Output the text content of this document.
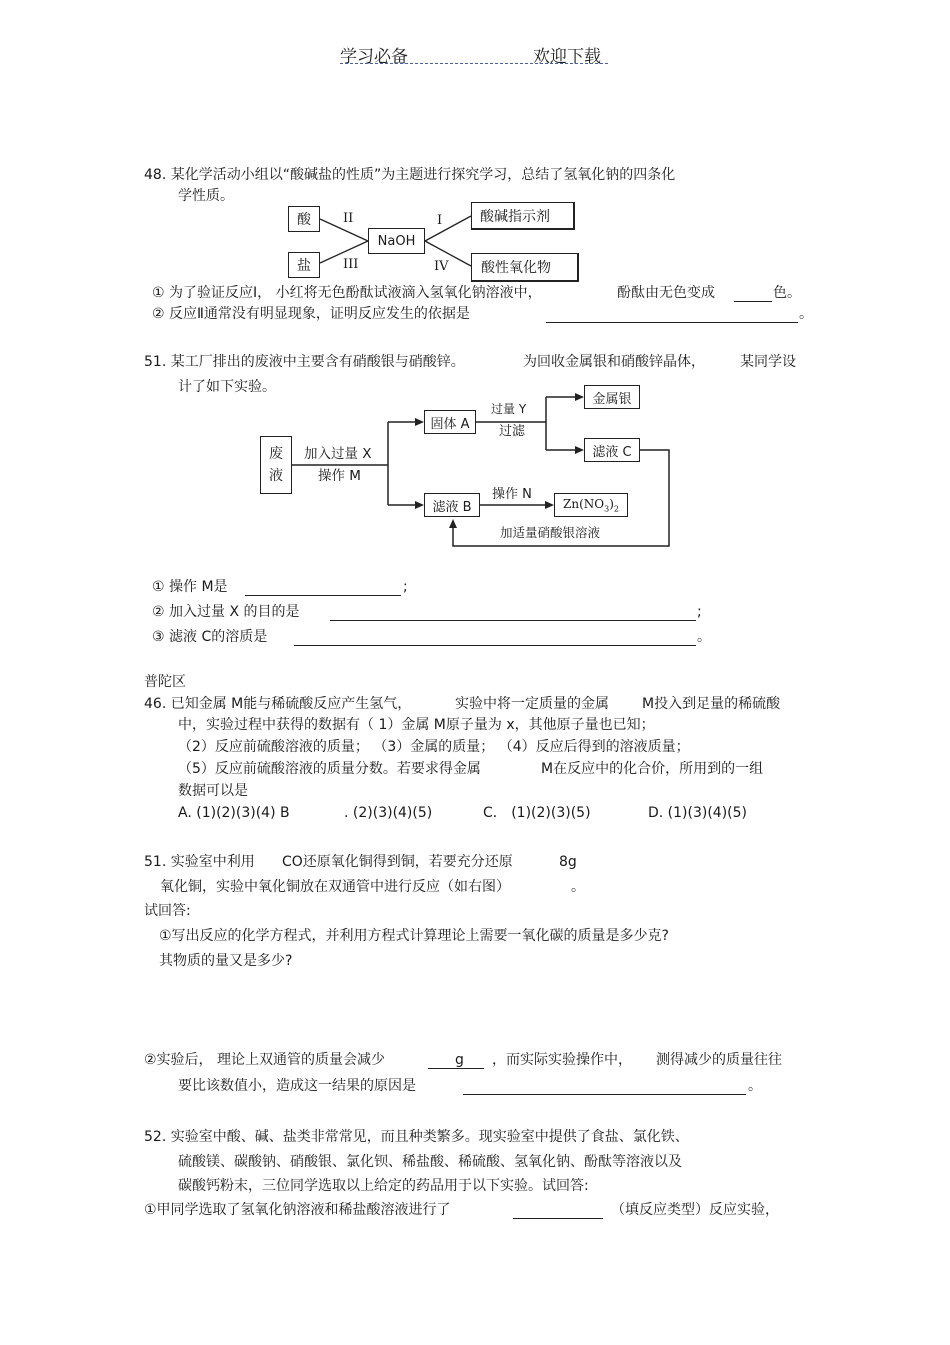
学习必备	欢迎下载
48. 某化学活动小组以“酸碱盐的性质”为主题进行探究学习，总结了氢氧化钠的四条化
学性质。
酸
盐
NaOH
酸碱指示剂
酸性氧化物
II
III
I
IV
① 为了验证反应Ⅰ， 小红将无色酚酞试液滴入氢氧化钠溶液中，	酚酞由无色变成	色。
② 反应Ⅱ通常没有明显现象，证明反应发生的依据是	。
51. 某工厂排出的废液中主要含有硝酸银与硝酸锌。	为回收金属银和硝酸锌晶体，	某同学设
计了如下实验。
废
液
加入过量 X
操作 M
固体 A
过量 Y
过滤
金属银
滤液 C
滤液 B
操作 N
$Zn(NO_3)_2$
加适量硝酸银溶液
① 操作 M是	;
② 加入过量 X 的目的是	;
③ 滤液 C的溶质是	。
普陀区
46. 已知金属 M能与稀硫酸反应产生氢气，	实验中将一定质量的金属 M投入到足量的稀硫酸
中，实验过程中获得的数据有（ 1）金属 M原子量为 x，其他原子量也已知；
（2）反应前硫酸溶液的质量； （3）金属的质量； （4）反应后得到的溶液质量；
（5）反应前硫酸溶液的质量分数。若要求得金属	M在反应中的化合价，所用到的一组
数据可以是
A. (1)(2)(3)(4) B	. (2)(3)(4)(5)	C． (1)(2)(3)(5)	D. (1)(3)(4)(5)
51. 实验室中利用 CO还原氧化铜得到铜，若要充分还原	8g
氧化铜，实验中氧化铜放在双通管中进行反应（如右图）	。
试回答:
①写出反应的化学方程式，并利用方程式计算理论上需要一氧化碳的质量是多少克?
其物质的量又是多少?
②实验后， 理论上双通管的质量会减少	g ，而实际实验操作中， 测得减少的质量往往
要比该数值小，造成这一结果的原因是	。
52. 实验室中酸、碱、盐类非常常见，而且种类繁多。现实验室中提供了食盐、氯化铁、
硫酸镁、碳酸钠、硝酸银、氯化钡、稀盐酸、稀硫酸、氢氧化钠、酚酞等溶液以及
碳酸钙粉末，三位同学选取以上给定的药品用于以下实验。试回答:
①甲同学选取了氢氧化钠溶液和稀盐酸溶液进行了	（填反应类型）反应实验，
